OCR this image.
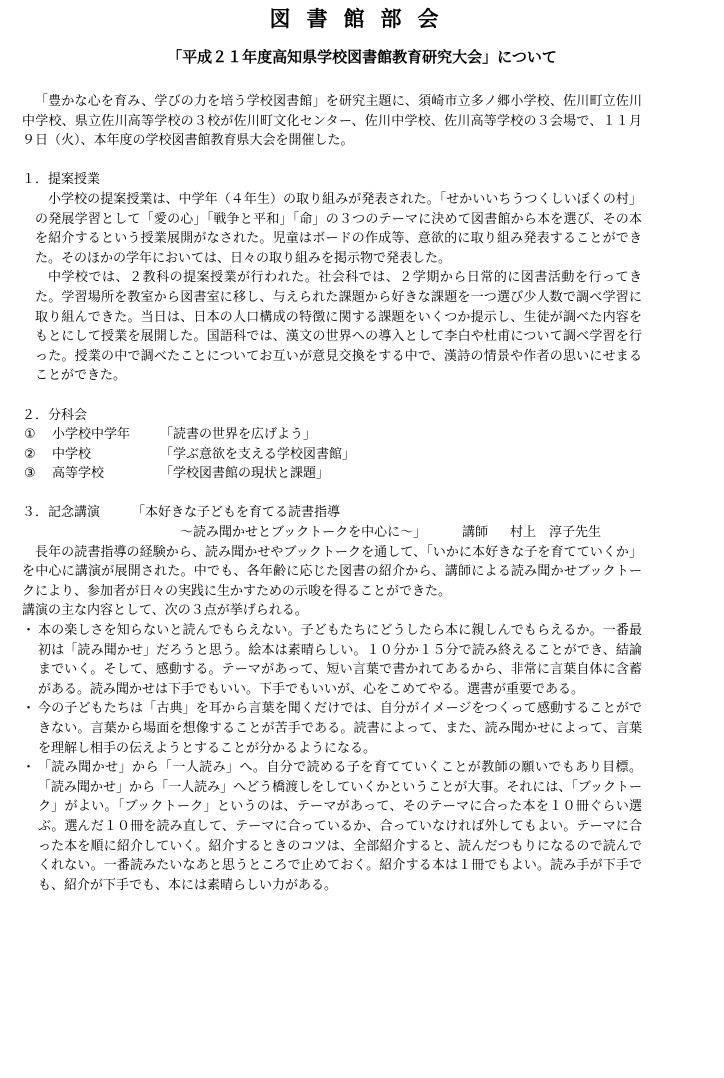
図書館部会
「平成２１年度高知県学校図書館教育研究大会」について

「豊かな心を育み、学びの力を培う学校図書館」を研究主題に、須崎市立多ノ郷小学校、佐川町立佐川中学校、県立佐川高等学校の３校が佐川町文化センター、佐川中学校、佐川高等学校の３会場で、１１月９日（火）、本年度の学校図書館教育県大会を開催した。

１．提案授業

小学校の提案授業は、中学年（４年生）の取り組みが発表された。「せかいいちうつくしいぼくの村」の発展学習として「愛の心」「戦争と平和」「命」の３つのテーマに決めて図書館から本を選び、その本を紹介するという授業展開がなされた。児童はボードの作成等、意欲的に取り組み発表することができた。そのほかの学年においては、日々の取り組みを掲示物で発表した。

中学校では、２教科の提案授業が行われた。社会科では、２学期から日常的に図書活動を行ってきた。学習場所を教室から図書室に移し、与えられた課題から好きな課題を一つ選び少人数で調べ学習に取り組んできた。当日は、日本の人口構成の特徴に関する課題をいくつか提示し、生徒が調べた内容をもとにして授業を展開した。国語科では、漢文の世界への導入として李白や杜甫について調べ学習を行った。授業の中で調べたことについてお互いが意見交換をする中で、漢詩の情景や作者の思いにせまることができた。

２．分科会

①	小学校中学年	「読書の世界を広げよう」
②	中学校	「学ぶ意欲を支える学校図書館」
③	高等学校	「学校図書館の現状と課題」
３．記念講演	「本好きな子どもを育てる読書指導
～読み聞かせとブックトークを中心に～」	講師	村上　淳子先生

長年の読書指導の経験から、読み聞かせやブックトークを通して、「いかに本好きな子を育てていくか」を中心に講演が展開された。中でも、各年齢に応じた図書の紹介から、講師による読み聞かせブックトークにより、参加者が日々の実践に生かすための示唆を得ることができた。

講演の主な内容として、次の３点が挙げられる。

・ 本の楽しさを知らないと読んでもらえない。子どもたちにどうしたら本に親しんでもらえるか。一番最初は「読み聞かせ」だろうと思う。絵本は素晴らしい。１０分か１５分で読み終えることができ、結論までいく。そして、感動する。テーマがあって、短い言葉で書かれてあるから、非常に言葉自体に含蓄がある。読み聞かせは下手でもいい。下手でもいいが、心をこめてやる。選書が重要である。
・ 今の子どもたちは「古典」を耳から言葉を聞くだけでは、自分がイメージをつくって感動することができない。言葉から場面を想像することが苦手である。読書によって、また、読み聞かせによって、言葉を理解し相手の伝えようとすることが分かるようになる。
・ 「読み聞かせ」から「一人読み」へ。自分で読める子を育てていくことが教師の願いでもあり目標。「読み聞かせ」から「一人読み」へどう橋渡しをしていくかということが大事。それには、「ブックトーク」がよい。「ブックトーク」というのは、テーマがあって、そのテーマに合った本を１０冊ぐらい選ぶ。選んだ１０冊を読み直して、テーマに合っているか、合っていなければ外してもよい。テーマに合った本を順に紹介していく。紹介するときのコツは、全部紹介すると、読んだつもりになるので読んでくれない。一番読みたいなあと思うところで止めておく。紹介する本は１冊でもよい。読み手が下手でも、紹介が下手でも、本には素晴らしい力がある。
